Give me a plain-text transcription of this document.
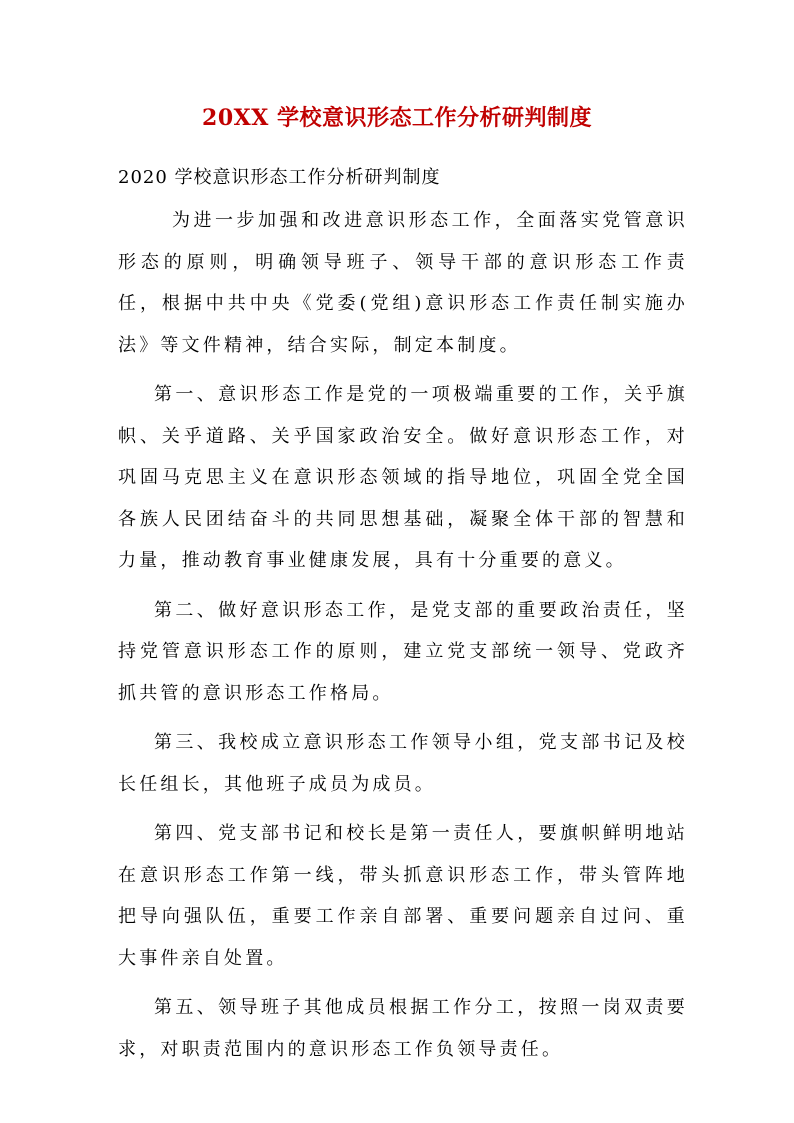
20XX 学校意识形态工作分析研判制度
2020 学校意识形态工作分析研判制度

为进一步加强和改进意识形态工作，全面落实党管意识形态的原则，明确领导班子、领导干部的意识形态工作责任，根据中共中央《党委(党组)意识形态工作责任制实施办法》等文件精神，结合实际，制定本制度。

第一、意识形态工作是党的一项极端重要的工作，关乎旗帜、关乎道路、关乎国家政治安全。做好意识形态工作，对巩固马克思主义在意识形态领域的指导地位，巩固全党全国各族人民团结奋斗的共同思想基础，凝聚全体干部的智慧和力量，推动教育事业健康发展，具有十分重要的意义。

第二、做好意识形态工作，是党支部的重要政治责任，坚持党管意识形态工作的原则，建立党支部统一领导、党政齐抓共管的意识形态工作格局。

第三、我校成立意识形态工作领导小组，党支部书记及校长任组长，其他班子成员为成员。

第四、党支部书记和校长是第一责任人，要旗帜鲜明地站在意识形态工作第一线，带头抓意识形态工作，带头管阵地把导向强队伍，重要工作亲自部署、重要问题亲自过问、重大事件亲自处置。

第五、领导班子其他成员根据工作分工，按照一岗双责要求，对职责范围内的意识形态工作负领导责任。
